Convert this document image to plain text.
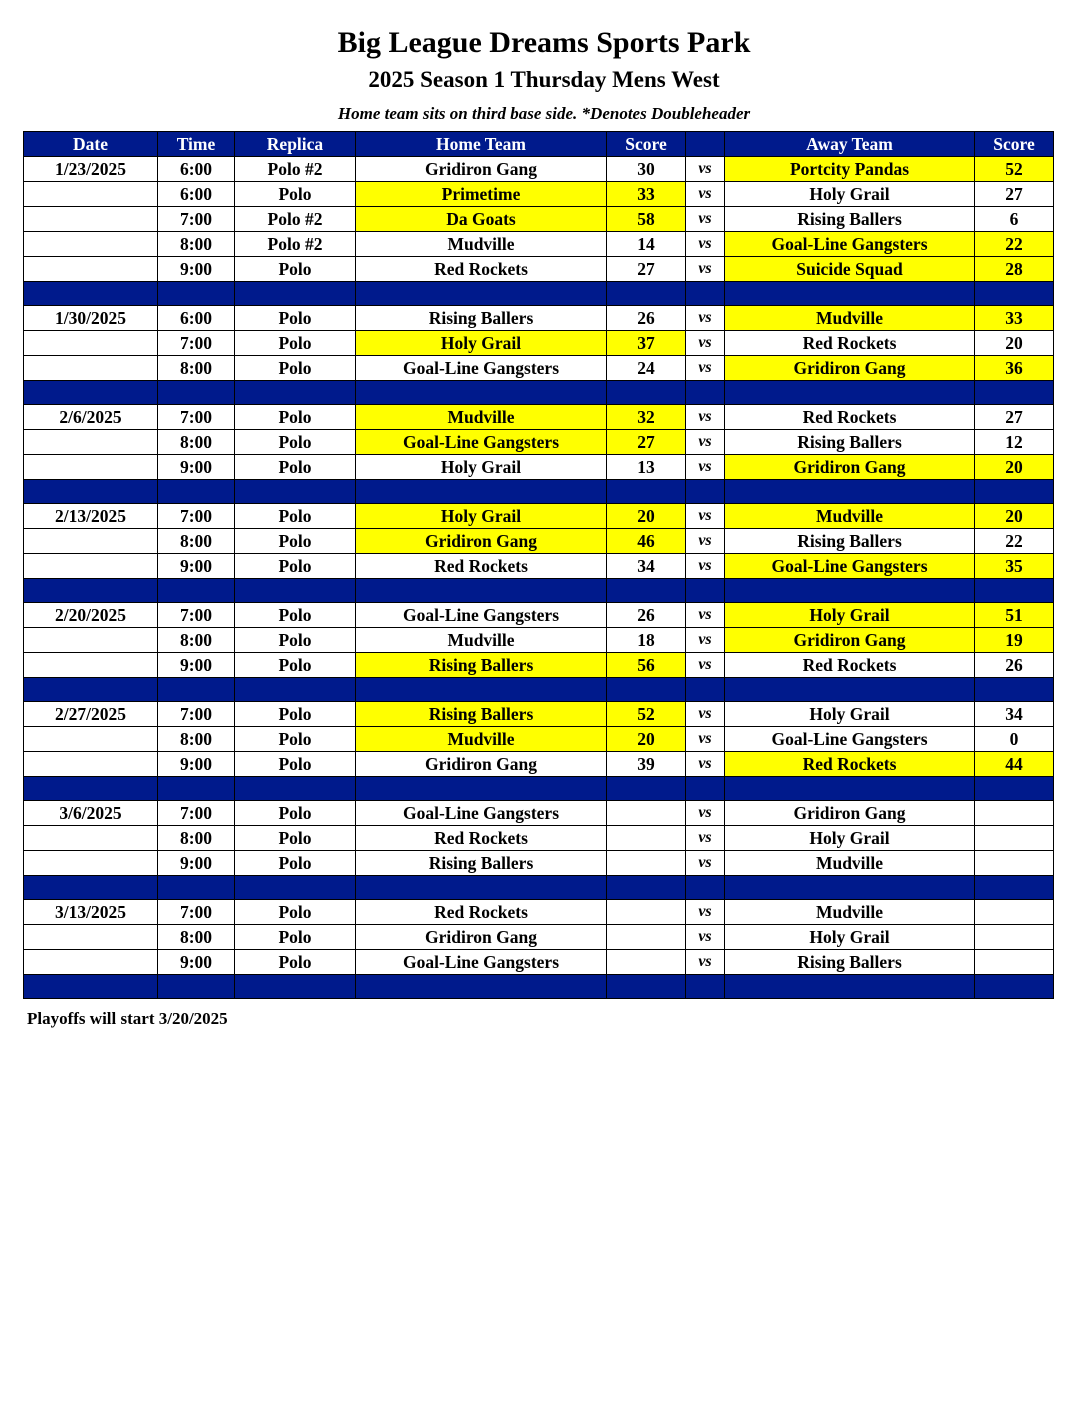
Big League Dreams Sports Park
2025 Season 1 Thursday Mens West
Home team sits on third base side. *Denotes Doubleheader
Date	Time	Replica	Home Team	Score		Away Team	Score
1/23/2025	6:00	Polo #2	Gridiron Gang	30	vs	Portcity Pandas	52
	6:00	Polo	Primetime	33	vs	Holy Grail	27
	7:00	Polo #2	Da Goats	58	vs	Rising Ballers	6
	8:00	Polo #2	Mudville	14	vs	Goal-Line Gangsters	22
	9:00	Polo	Red Rockets	27	vs	Suicide Squad	28

1/30/2025	6:00	Polo	Rising Ballers	26	vs	Mudville	33
	7:00	Polo	Holy Grail	37	vs	Red Rockets	20
	8:00	Polo	Goal-Line Gangsters	24	vs	Gridiron Gang	36

2/6/2025	7:00	Polo	Mudville	32	vs	Red Rockets	27
	8:00	Polo	Goal-Line Gangsters	27	vs	Rising Ballers	12
	9:00	Polo	Holy Grail	13	vs	Gridiron Gang	20

2/13/2025	7:00	Polo	Holy Grail	20	vs	Mudville	20
	8:00	Polo	Gridiron Gang	46	vs	Rising Ballers	22
	9:00	Polo	Red Rockets	34	vs	Goal-Line Gangsters	35

2/20/2025	7:00	Polo	Goal-Line Gangsters	26	vs	Holy Grail	51
	8:00	Polo	Mudville	18	vs	Gridiron Gang	19
	9:00	Polo	Rising Ballers	56	vs	Red Rockets	26

2/27/2025	7:00	Polo	Rising Ballers	52	vs	Holy Grail	34
	8:00	Polo	Mudville	20	vs	Goal-Line Gangsters	0
	9:00	Polo	Gridiron Gang	39	vs	Red Rockets	44

3/6/2025	7:00	Polo	Goal-Line Gangsters		vs	Gridiron Gang	
	8:00	Polo	Red Rockets		vs	Holy Grail	
	9:00	Polo	Rising Ballers		vs	Mudville	

3/13/2025	7:00	Polo	Red Rockets		vs	Mudville	
	8:00	Polo	Gridiron Gang		vs	Holy Grail	
	9:00	Polo	Goal-Line Gangsters		vs	Rising Ballers	

Playoffs will start 3/20/2025
